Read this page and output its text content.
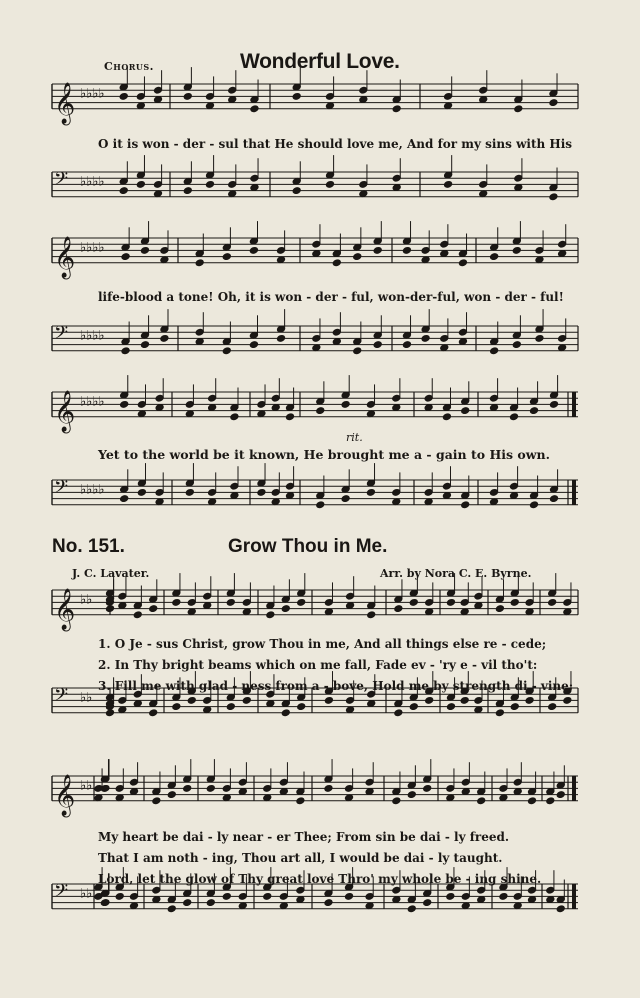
𝄞 ♭♭♭♭
𝄢 ♭♭♭♭
𝄞 ♭♭♭♭
𝄢 ♭♭♭♭
𝄞 ♭♭♭♭
𝄢 ♭♭♭♭
𝄞 ♭♭
𝄢 ♭♭
𝄞 ♭♭
𝄢 ♭♭
Chorus.	Wonderful Love.
O it is won - der - sul that He should love me, And for my sins with His
life-blood a tone! Oh, it is won - der - ful, won-der-ful, won - der - ful!
Yet to the world be it known, He brought me a - gain to His own.
rit.
No. 151.	Grow Thou in Me.
J. C. Lavater.	Arr. by Nora C. E. Byrne.
1. O Je - sus Christ, grow Thou in me, And all things else re - cede;
2. In Thy bright beams which on me fall, Fade ev - 'ry e - vil tho't:
3. Fill me with glad - ness from a - bove, Hold me by strength di - vine;
My heart be dai - ly near - er Thee; From sin be dai - ly freed.
That I am noth - ing, Thou art all, I would be dai - ly taught.
Lord, let the glow of Thy great love Thro' my whole be - ing shine.
